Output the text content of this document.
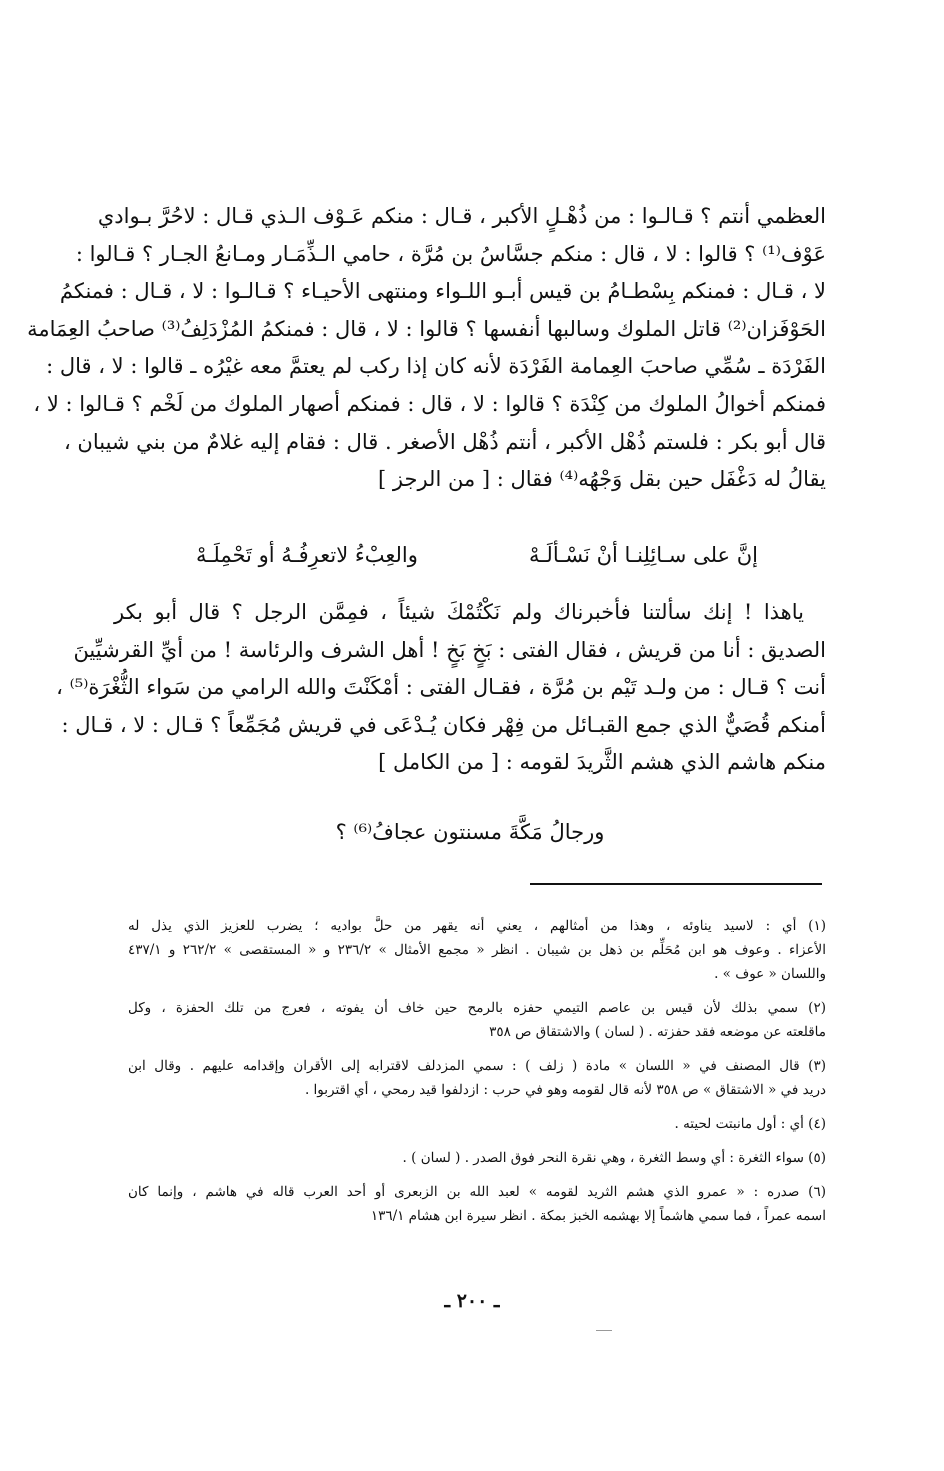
العظمي أنتم ؟ قـالـوا : من ذُهْـلٍ الأكبر ، قـال : منكم عَـوْف الـذي قـال : لاحُرَّ بـوادي
عَوْف⁽¹⁾ ؟ قالوا : لا ، قال : منكم جسَّاسُ بن مُرَّة ، حامي الـذِّمَـار ومـانعُ الجـار ؟ قـالوا :
لا ، قـال : فمنكم بِسْطـامُ بن قيس أبـو اللـواء ومنتهى الأحيـاء ؟ قـالـوا : لا ، قـال : فمنكمُ
الحَوْفَزان⁽²⁾ قاتل الملوك وسالبها أنفسها ؟ قالوا : لا ، قال : فمنكمُ المُزْدَلِفُ⁽³⁾ صاحبُ العِمَامة
الفَرْدَة ـ سُمِّي صاحبَ العِمامة الفَرْدَة لأنه كان إذا ركب لم يعتمَّ معه غيْرُه ـ قالوا : لا ، قال :
فمنكم أخوالُ الملوك من كِنْدَة ؟ قالوا : لا ، قال : فمنكم أصهار الملوك من لَخْم ؟ قـالوا : لا ،
قال أبو بكر : فلستم ذُهْل الأكبر ، أنتم ذُهْل الأصغر . قال : فقام إليه غلامٌ من بني شيبان ،
يقالُ له دَغْفَل حين بقل وَجْهُه⁽⁴⁾ فقال : [ من الرجز ]
إنَّ على سـائِلِنـا أنْ نَسْـألَـهْ
والعِبْءُ لاتعرِفُـهُ أو تَحْمِلَـهْ
ياهذا ! إنك سألتنا فأخبرناك ولم نَكْتُمْكَ شيئاً ، فمِمَّن الرجل ؟ قال أبو بكر
الصديق : أنا من قريش ، فقال الفتى : بَخٍ بَخٍ ! أهل الشرف والرئاسة ! من أيِّ القرشيِّينَ
أنت ؟ قـال : من ولـد تَيْم بن مُرَّة ، فقـال الفتى : أمْكَنْتَ والله الرامي من سَواء الثُّغْرَة⁽⁵⁾ ،
أمنكم قُصَيٌّ الذي جمع القبـائل من فِهْر فكان يُـدْعَى في قريش مُجَمِّعاً ؟ قـال : لا ، قـال :
منكم هاشم الذي هشم الثَّريدَ لقومه : [ من الكامل ]
ورجالُ مَكَّةَ مسنتون عجافُ⁽⁶⁾ ؟
(١) أي : لاسيد يناوئه ، وهذا من أمثالهم ، يعني أنه يقهر من حلَّ بواديه ؛ يضرب للعزيز الذي يذل له
الأعزاء . وعوف هو ابن مُحَلِّم بن ذهل بن شيبان . انظر « مجمع الأمثال » ٢٣٦/٢ و « المستقصى » ٢٦٢/٢ و ٤٣٧/١
واللسان « عوف » .
(٢) سمي بذلك لأن قيس بن عاصم التيمي حفزه بالرمح حين خاف أن يفوته ، فعرج من تلك الحفزة ، وكل
ماقلعته عن موضعه فقد حفزته . ( لسان ) والاشتقاق ص ٣٥٨
(٣) قال المصنف في « اللسان » مادة ( زلف ) : سمي المزدلف لاقترابه إلى الأقران وإقدامه عليهم . وقال ابن
دريد في « الاشتقاق » ص ٣٥٨ لأنه قال لقومه وهو في حرب : ازدلفوا قيد رمحي ، أي اقتربوا .
(٤) أي : أول مانبتت لحيته .
(٥) سواء الثغرة : أي وسط الثغرة ، وهي نقرة النحر فوق الصدر . ( لسان ) .
(٦) صدره : « عمرو الذي هشم الثريد لقومه » لعبد الله بن الزبعرى أو أحد العرب قاله في هاشم ، وإنما كان
اسمه عمراً ، فما سمي هاشماً إلا بهشمه الخبز بمكة . انظر سيرة ابن هشام ١٣٦/١
ـ ٢٠٠ ـ
